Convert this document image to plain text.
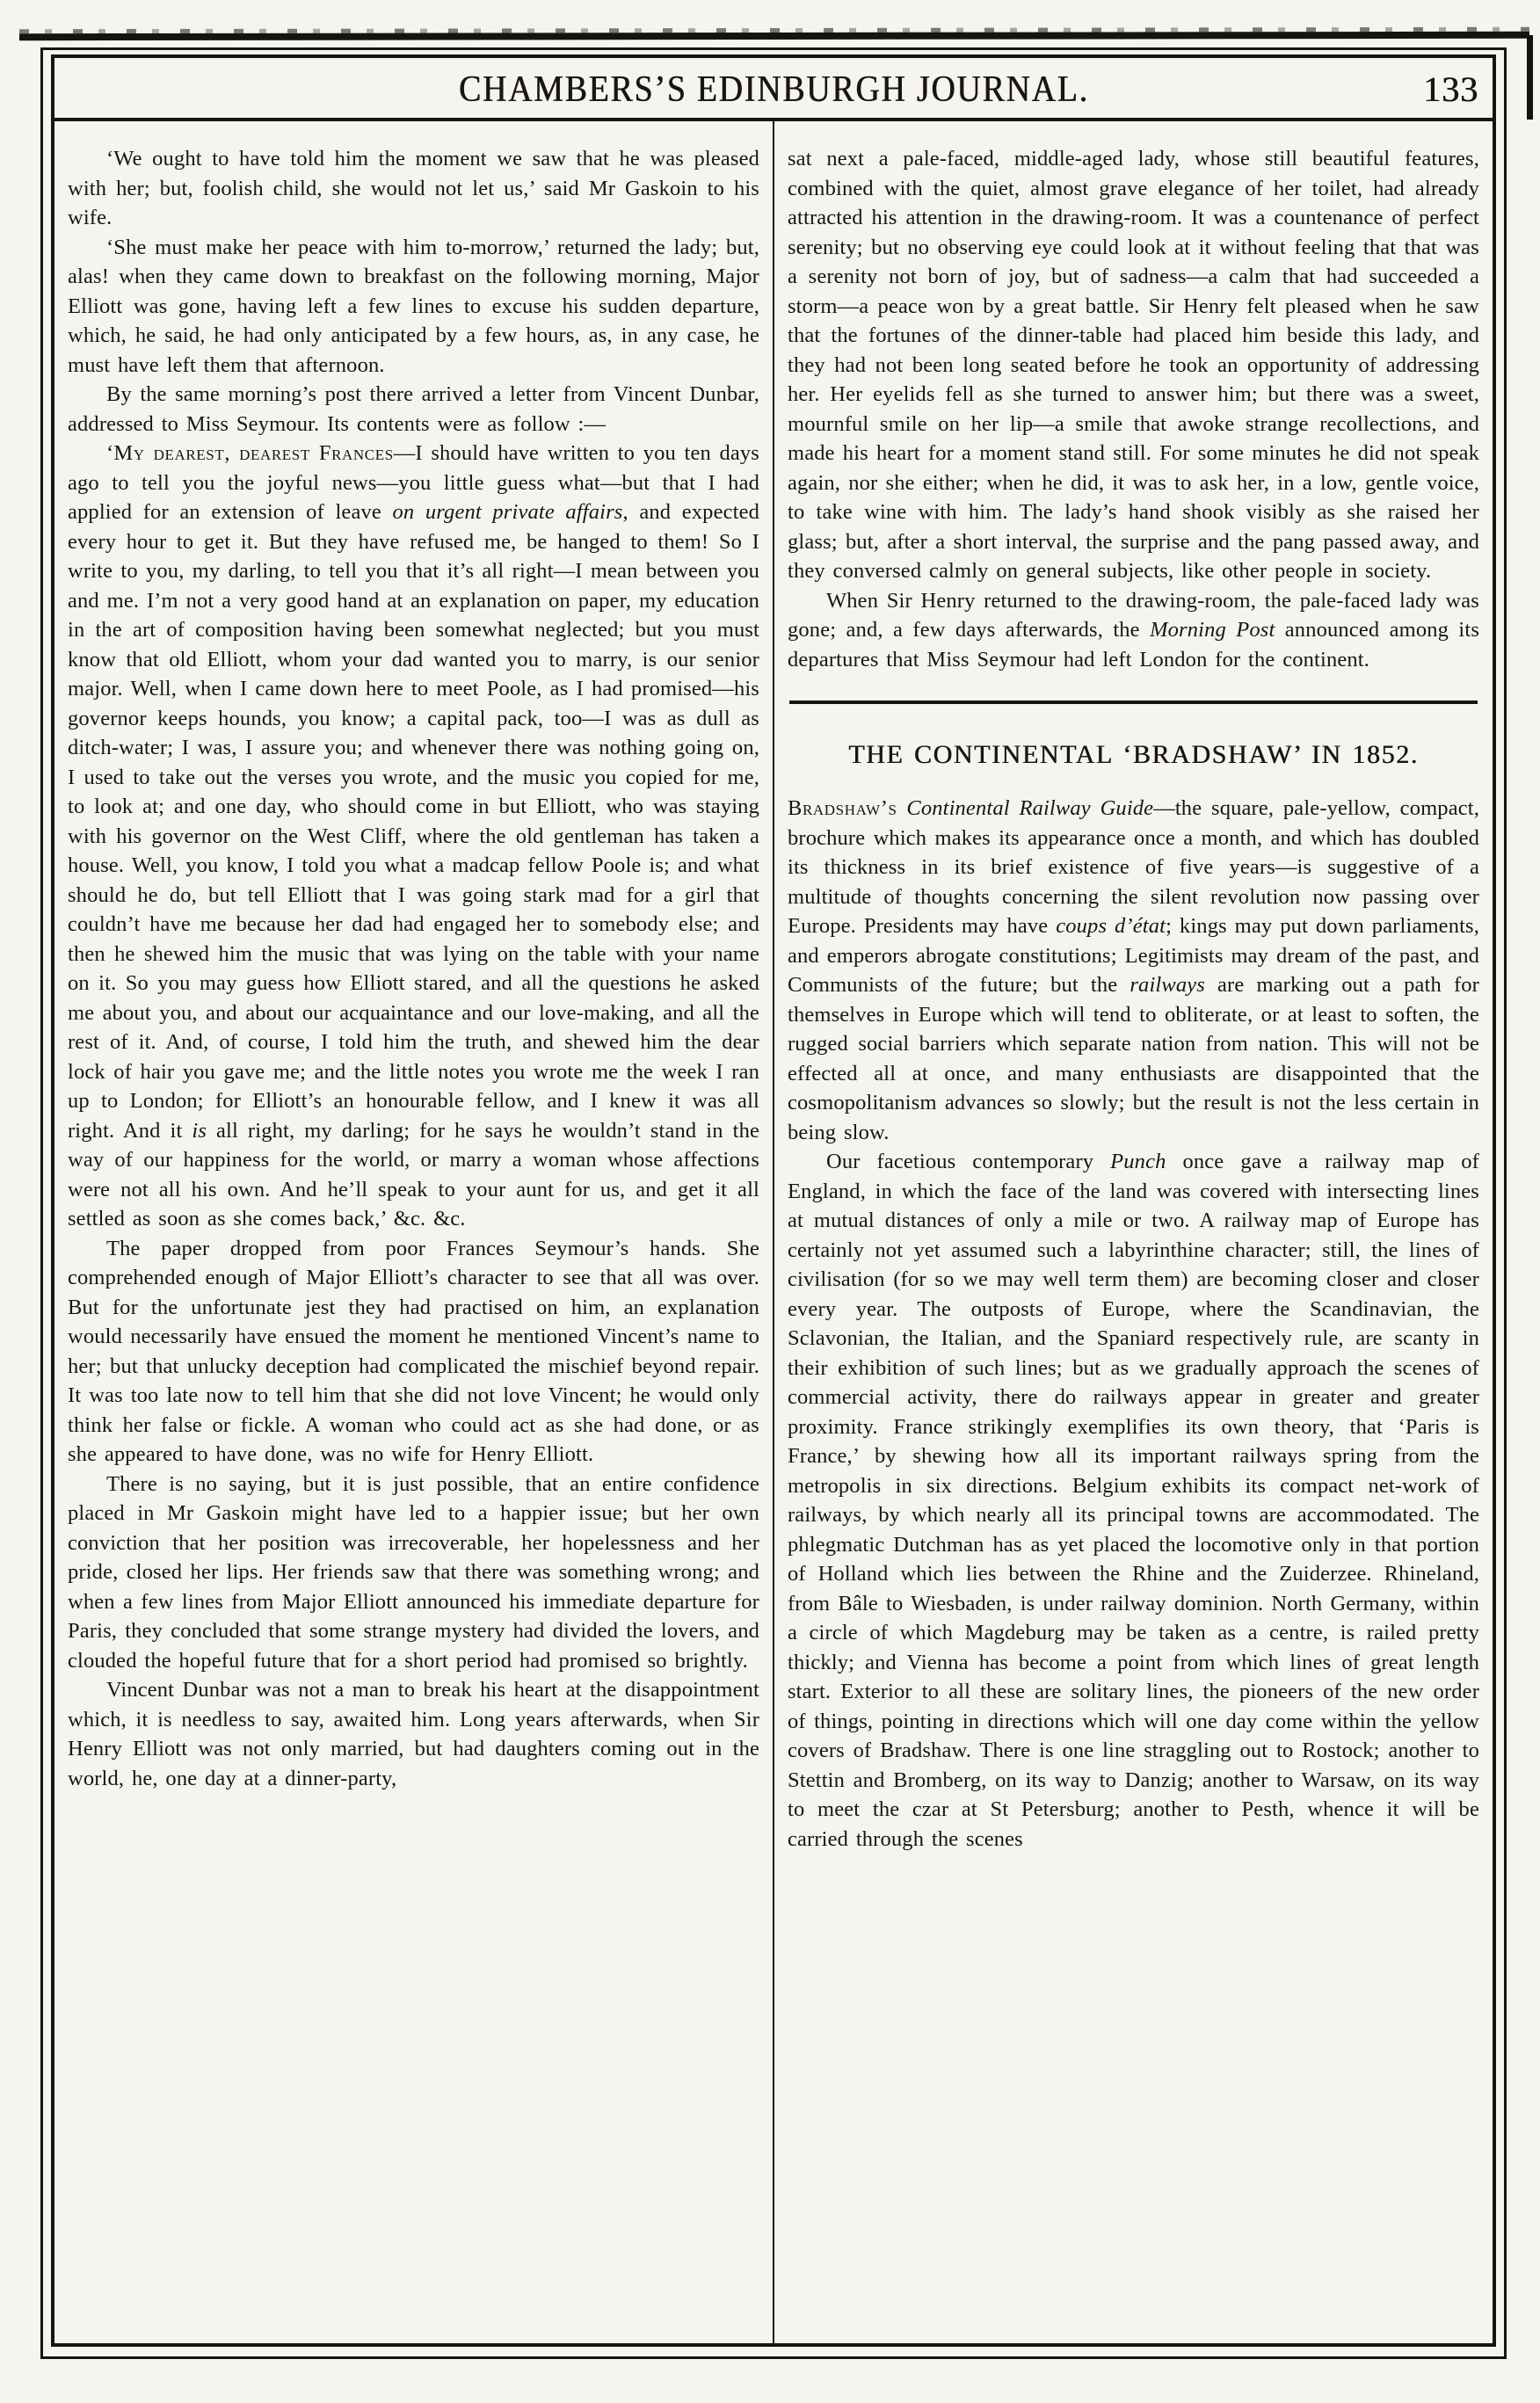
CHAMBERS’S EDINBURGH JOURNAL.	133

‘We ought to have told him the moment we saw that he was pleased with her; but, foolish child, she would not let us,’ said Mr Gaskoin to his wife.

‘She must make her peace with him to-morrow,’ returned the lady; but, alas! when they came down to breakfast on the following morning, Major Elliott was gone, having left a few lines to excuse his sudden departure, which, he said, he had only anticipated by a few hours, as, in any case, he must have left them that afternoon.

By the same morning’s post there arrived a letter from Vincent Dunbar, addressed to Miss Seymour. Its contents were as follow :—

‘My dearest, dearest Frances—I should have written to you ten days ago to tell you the joyful news—you little guess what—but that I had applied for an extension of leave on urgent private affairs, and expected every hour to get it. But they have refused me, be hanged to them! So I write to you, my darling, to tell you that it’s all right—I mean between you and me. I’m not a very good hand at an explanation on paper, my education in the art of composition having been somewhat neglected; but you must know that old Elliott, whom your dad wanted you to marry, is our senior major. Well, when I came down here to meet Poole, as I had promised—his governor keeps hounds, you know; a capital pack, too—I was as dull as ditch-water; I was, I assure you; and whenever there was nothing going on, I used to take out the verses you wrote, and the music you copied for me, to look at; and one day, who should come in but Elliott, who was staying with his governor on the West Cliff, where the old gentleman has taken a house. Well, you know, I told you what a madcap fellow Poole is; and what should he do, but tell Elliott that I was going stark mad for a girl that couldn’t have me because her dad had engaged her to somebody else; and then he shewed him the music that was lying on the table with your name on it. So you may guess how Elliott stared, and all the questions he asked me about you, and about our acquaintance and our love-making, and all the rest of it. And, of course, I told him the truth, and shewed him the dear lock of hair you gave me; and the little notes you wrote me the week I ran up to London; for Elliott’s an honourable fellow, and I knew it was all right. And it is all right, my darling; for he says he wouldn’t stand in the way of our happiness for the world, or marry a woman whose affections were not all his own. And he’ll speak to your aunt for us, and get it all settled as soon as she comes back,’ &c. &c.

The paper dropped from poor Frances Seymour’s hands. She comprehended enough of Major Elliott’s character to see that all was over. But for the unfortunate jest they had practised on him, an explanation would necessarily have ensued the moment he mentioned Vincent’s name to her; but that unlucky deception had complicated the mischief beyond repair. It was too late now to tell him that she did not love Vincent; he would only think her false or fickle. A woman who could act as she had done, or as she appeared to have done, was no wife for Henry Elliott.

There is no saying, but it is just possible, that an entire confidence placed in Mr Gaskoin might have led to a happier issue; but her own conviction that her position was irrecoverable, her hopelessness and her pride, closed her lips. Her friends saw that there was something wrong; and when a few lines from Major Elliott announced his immediate departure for Paris, they concluded that some strange mystery had divided the lovers, and clouded the hopeful future that for a short period had promised so brightly.

Vincent Dunbar was not a man to break his heart at the disappointment which, it is needless to say, awaited him. Long years afterwards, when Sir Henry Elliott was not only married, but had daughters coming out in the world, he, one day at a dinner-party,

sat next a pale-faced, middle-aged lady, whose still beautiful features, combined with the quiet, almost grave elegance of her toilet, had already attracted his attention in the drawing-room. It was a countenance of perfect serenity; but no observing eye could look at it without feeling that that was a serenity not born of joy, but of sadness—a calm that had succeeded a storm—a peace won by a great battle. Sir Henry felt pleased when he saw that the fortunes of the dinner-table had placed him beside this lady, and they had not been long seated before he took an opportunity of addressing her. Her eyelids fell as she turned to answer him; but there was a sweet, mournful smile on her lip—a smile that awoke strange recollections, and made his heart for a moment stand still. For some minutes he did not speak again, nor she either; when he did, it was to ask her, in a low, gentle voice, to take wine with him. The lady’s hand shook visibly as she raised her glass; but, after a short interval, the surprise and the pang passed away, and they conversed calmly on general subjects, like other people in society.

When Sir Henry returned to the drawing-room, the pale-faced lady was gone; and, a few days afterwards, the Morning Post announced among its departures that Miss Seymour had left London for the continent.

THE CONTINENTAL ‘BRADSHAW’ IN 1852.

Bradshaw’s Continental Railway Guide—the square, pale-yellow, compact, brochure which makes its appearance once a month, and which has doubled its thickness in its brief existence of five years—is suggestive of a multitude of thoughts concerning the silent revolution now passing over Europe. Presidents may have coups d’état; kings may put down parliaments, and emperors abrogate constitutions; Legitimists may dream of the past, and Communists of the future; but the railways are marking out a path for themselves in Europe which will tend to obliterate, or at least to soften, the rugged social barriers which separate nation from nation. This will not be effected all at once, and many enthusiasts are disappointed that the cosmopolitanism advances so slowly; but the result is not the less certain in being slow.

Our facetious contemporary Punch once gave a railway map of England, in which the face of the land was covered with intersecting lines at mutual distances of only a mile or two. A railway map of Europe has certainly not yet assumed such a labyrinthine character; still, the lines of civilisation (for so we may well term them) are becoming closer and closer every year. The outposts of Europe, where the Scandinavian, the Sclavonian, the Italian, and the Spaniard respectively rule, are scanty in their exhibition of such lines; but as we gradually approach the scenes of commercial activity, there do railways appear in greater and greater proximity. France strikingly exemplifies its own theory, that ‘Paris is France,’ by shewing how all its important railways spring from the metropolis in six directions. Belgium exhibits its compact net-work of railways, by which nearly all its principal towns are accommodated. The phlegmatic Dutchman has as yet placed the locomotive only in that portion of Holland which lies between the Rhine and the Zuiderzee. Rhineland, from Bâle to Wiesbaden, is under railway dominion. North Germany, within a circle of which Magdeburg may be taken as a centre, is railed pretty thickly; and Vienna has become a point from which lines of great length start. Exterior to all these are solitary lines, the pioneers of the new order of things, pointing in directions which will one day come within the yellow covers of Bradshaw. There is one line straggling out to Rostock; another to Stettin and Bromberg, on its way to Danzig; another to Warsaw, on its way to meet the czar at St Petersburg; another to Pesth, whence it will be carried through the scenes
